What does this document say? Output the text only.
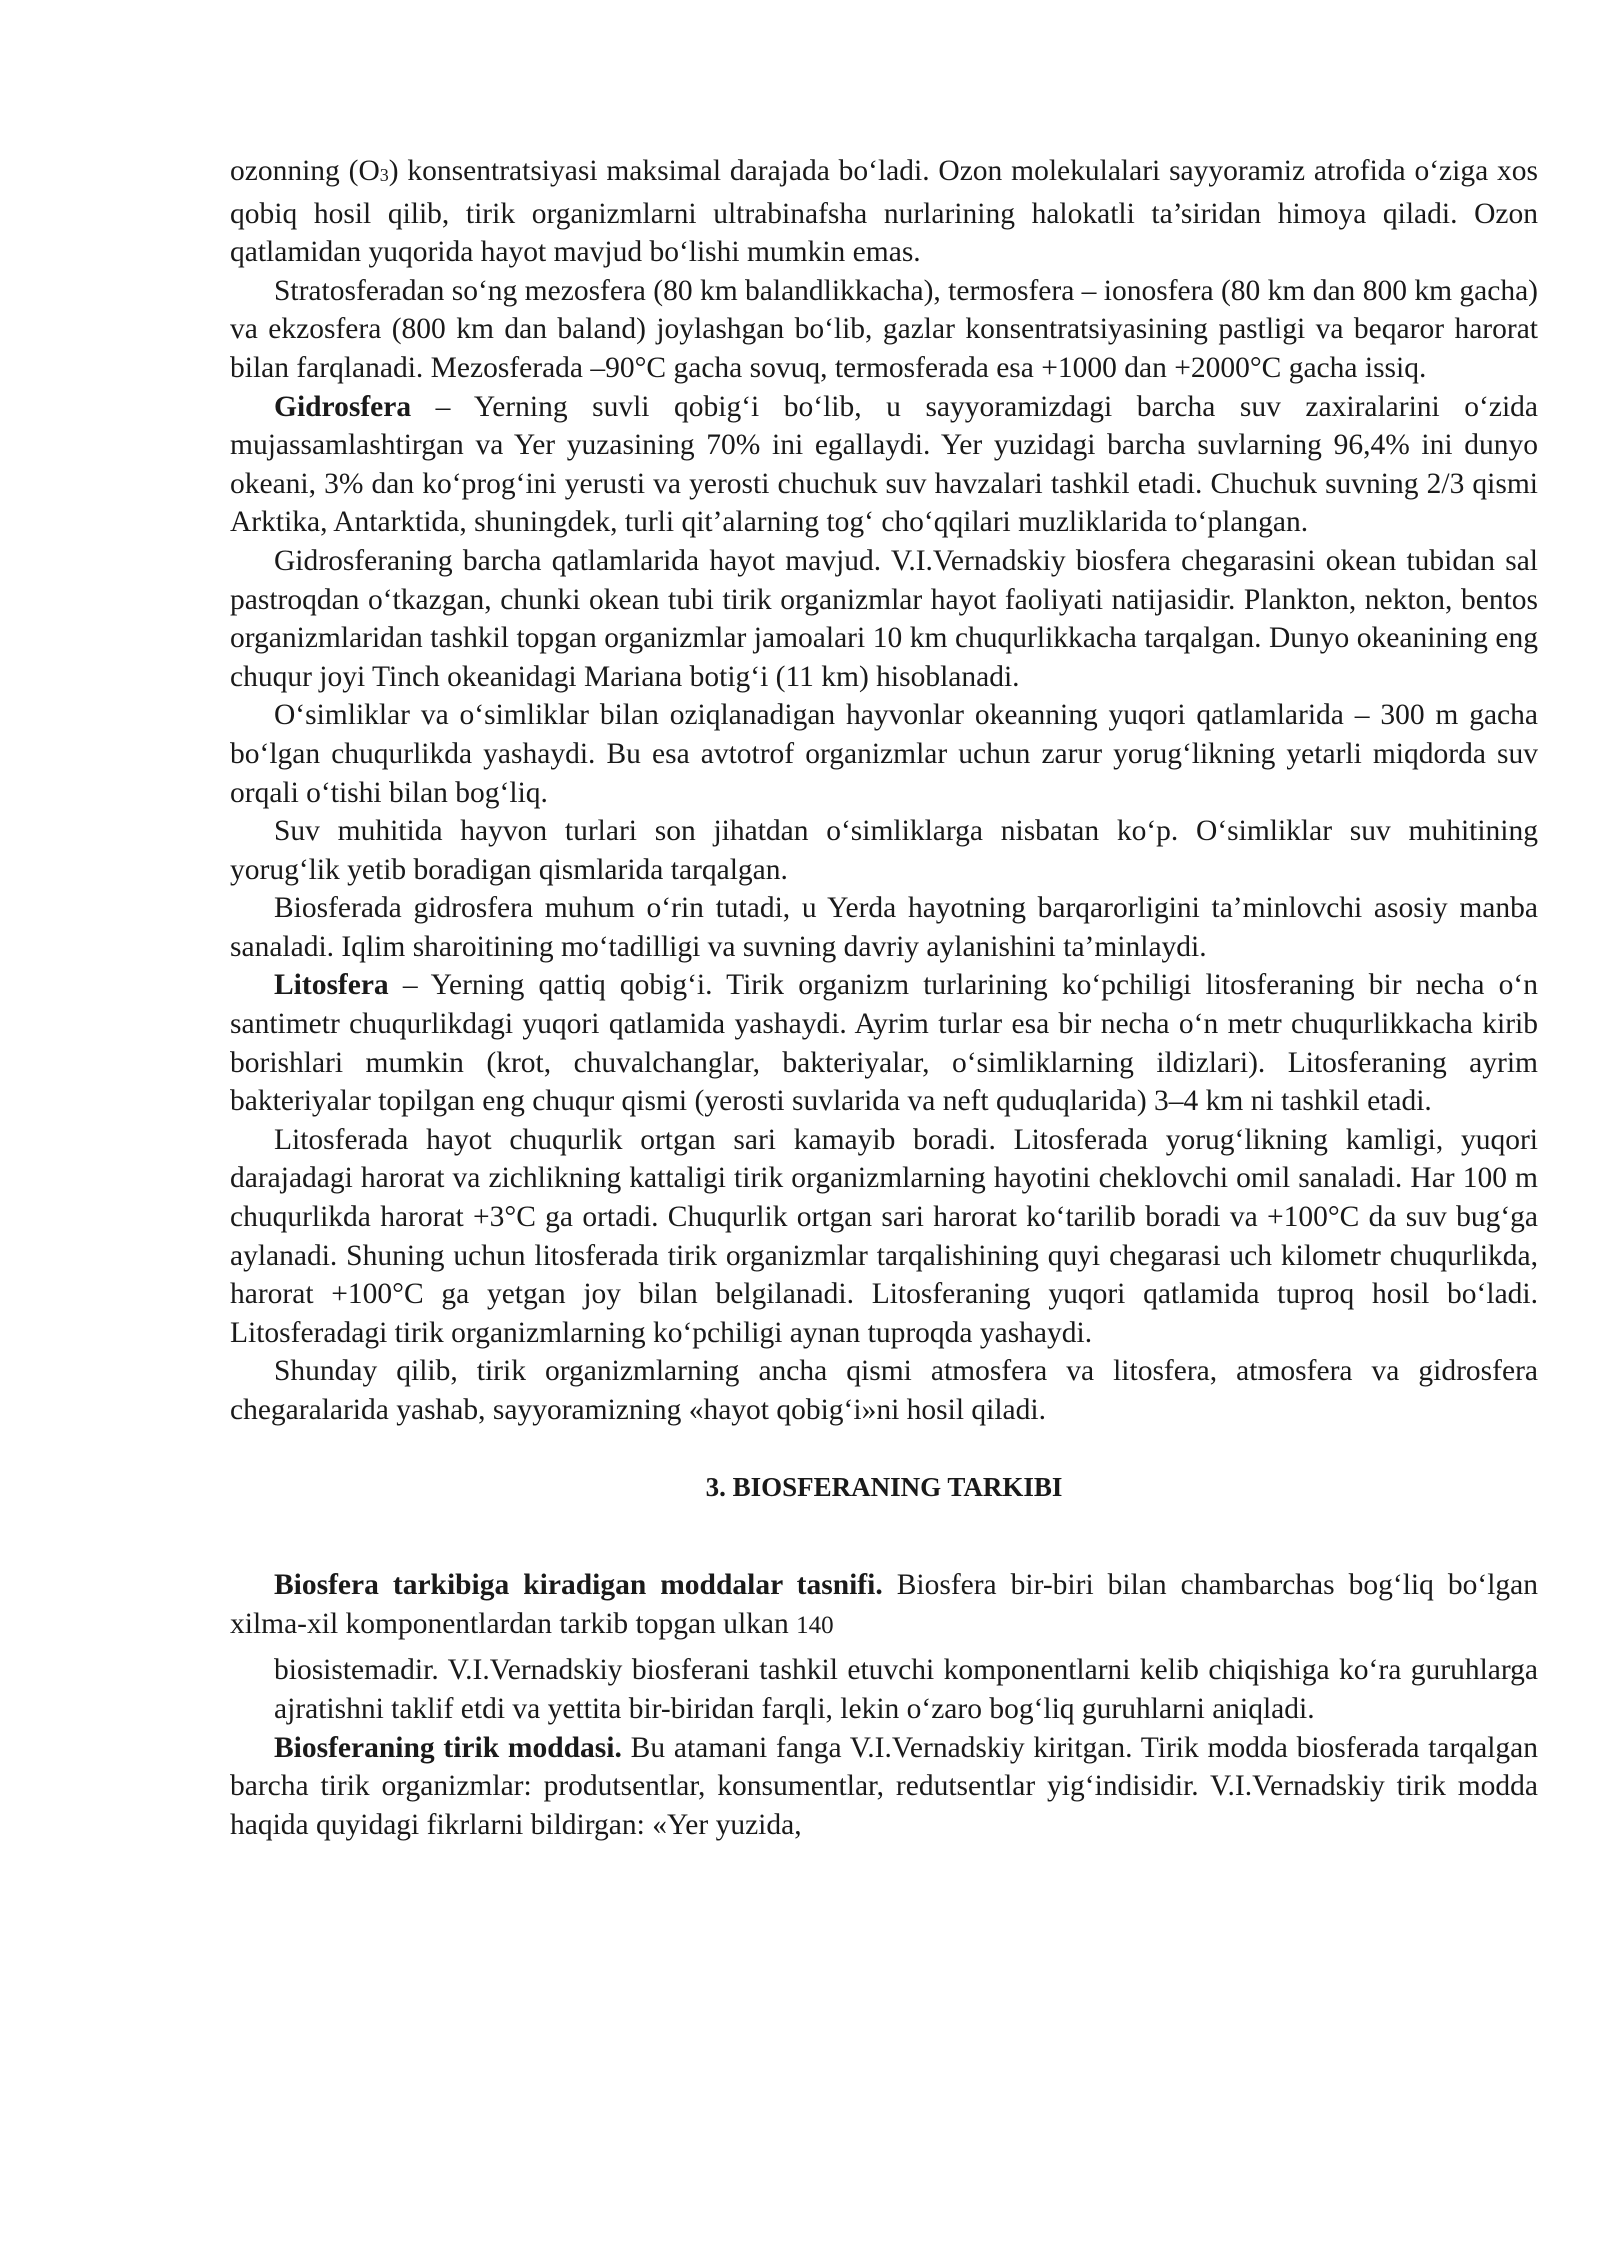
ozonning (O3) konsentratsiyasi maksimal darajada bo‘ladi. Ozon molekulalari sayyoramiz atrofida o‘ziga xos qobiq hosil qilib, tirik organizmlarni ultrabinafsha nurlarining halokatli ta’siridan himoya qiladi. Ozon qatlamidan yuqorida hayot mavjud bo‘lishi mumkin emas.

Stratosferadan so‘ng mezosfera (80 km balandlikkacha), termosfera – ionosfera (80 km dan 800 km gacha) va ekzosfera (800 km dan baland) joylashgan bo‘lib, gazlar konsentratsiyasining pastligi va beqaror harorat bilan farqlanadi. Mezosferada –90°C gacha sovuq, termosferada esa +1000 dan +2000°C gacha issiq.

Gidrosfera – Yerning suvli qobig‘i bo‘lib, u sayyoramizdagi barcha suv zaxiralarini o‘zida mujassamlashtirgan va Yer yuzasining 70% ini egallaydi. Yer yuzidagi barcha suvlarning 96,4% ini dunyo okeani, 3% dan ko‘prog‘ini yerusti va yerosti chuchuk suv havzalari tashkil etadi. Chuchuk suvning 2/3 qismi Arktika, Antarktida, shuningdek, turli qit’alarning tog‘ cho‘qqilari muzliklarida to‘plangan.

Gidrosferaning barcha qatlamlarida hayot mavjud. V.I.Vernadskiy biosfera chegarasini okean tubidan sal pastroqdan o‘tkazgan, chunki okean tubi tirik organizmlar hayot faoliyati natijasidir. Plankton, nekton, bentos organizmlaridan tashkil topgan organizmlar jamoalari 10 km chuqurlikkacha tarqalgan. Dunyo okeanining eng chuqur joyi Tinch okeanidagi Mariana botig‘i (11 km) hisoblanadi.

O‘simliklar va o‘simliklar bilan oziqlanadigan hayvonlar okeanning yuqori qatlamlarida – 300 m gacha bo‘lgan chuqurlikda yashaydi. Bu esa avtotrof organizmlar uchun zarur yorug‘likning yetarli miqdorda suv orqali o‘tishi bilan bog‘liq.

Suv muhitida hayvon turlari son jihatdan o‘simliklarga nisbatan ko‘p. O‘simliklar suv muhitining yorug‘lik yetib boradigan qismlarida tarqalgan.

Biosferada gidrosfera muhum o‘rin tutadi, u Yerda hayotning barqarorligini ta’minlovchi asosiy manba sanaladi. Iqlim sharoitining mo‘tadilligi va suvning davriy aylanishini ta’minlaydi.

Litosfera – Yerning qattiq qobig‘i. Tirik organizm turlarining ko‘pchiligi litosferaning bir necha o‘n santimetr chuqurlikdagi yuqori qatlamida yashaydi. Ayrim turlar esa bir necha o‘n metr chuqurlikkacha kirib borishlari mumkin (krot, chuvalchanglar, bakteriyalar, o‘simliklarning ildizlari). Litosferaning ayrim bakteriyalar topilgan eng chuqur qismi (yerosti suvlarida va neft quduqlarida) 3–4 km ni tashkil etadi.

Litosferada hayot chuqurlik ortgan sari kamayib boradi. Litosferada yorug‘likning kamligi, yuqori darajadagi harorat va zichlikning kattaligi tirik organizmlarning hayotini cheklovchi omil sanaladi. Har 100 m chuqurlikda harorat +3°C ga ortadi. Chuqurlik ortgan sari harorat ko‘tarilib boradi va +100°C da suv bug‘ga aylanadi. Shuning uchun litosferada tirik organizmlar tarqalishining quyi chegarasi uch kilometr chuqurlikda, harorat +100°C ga yetgan joy bilan belgilanadi. Litosferaning yuqori qatlamida tuproq hosil bo‘ladi. Litosferadagi tirik organizmlarning ko‘pchiligi aynan tuproqda yashaydi.

Shunday qilib, tirik organizmlarning ancha qismi atmosfera va litosfera, atmosfera va gidrosfera chegaralarida yashab, sayyoramizning «hayot qobig‘i»ni hosil qiladi.

3. BIOSFERANING TARKIBI

Biosfera tarkibiga kiradigan moddalar tasnifi. Biosfera bir-biri bilan chambarchas bog‘liq bo‘lgan xilma-xil komponentlardan tarkib topgan ulkan 140

biosistemadir. V.I.Vernadskiy biosferani tashkil etuvchi komponentlarni kelib chiqishiga ko‘ra guruhlarga ajratishni taklif etdi va yettita bir-biridan farqli, lekin o‘zaro bog‘liq guruhlarni aniqladi.

Biosferaning tirik moddasi. Bu atamani fanga V.I.Vernadskiy kiritgan. Tirik modda biosferada tarqalgan barcha tirik organizmlar: produtsentlar, konsumentlar, redutsentlar yig‘indisidir. V.I.Vernadskiy tirik modda haqida quyidagi fikrlarni bildirgan: «Yer yuzida,
